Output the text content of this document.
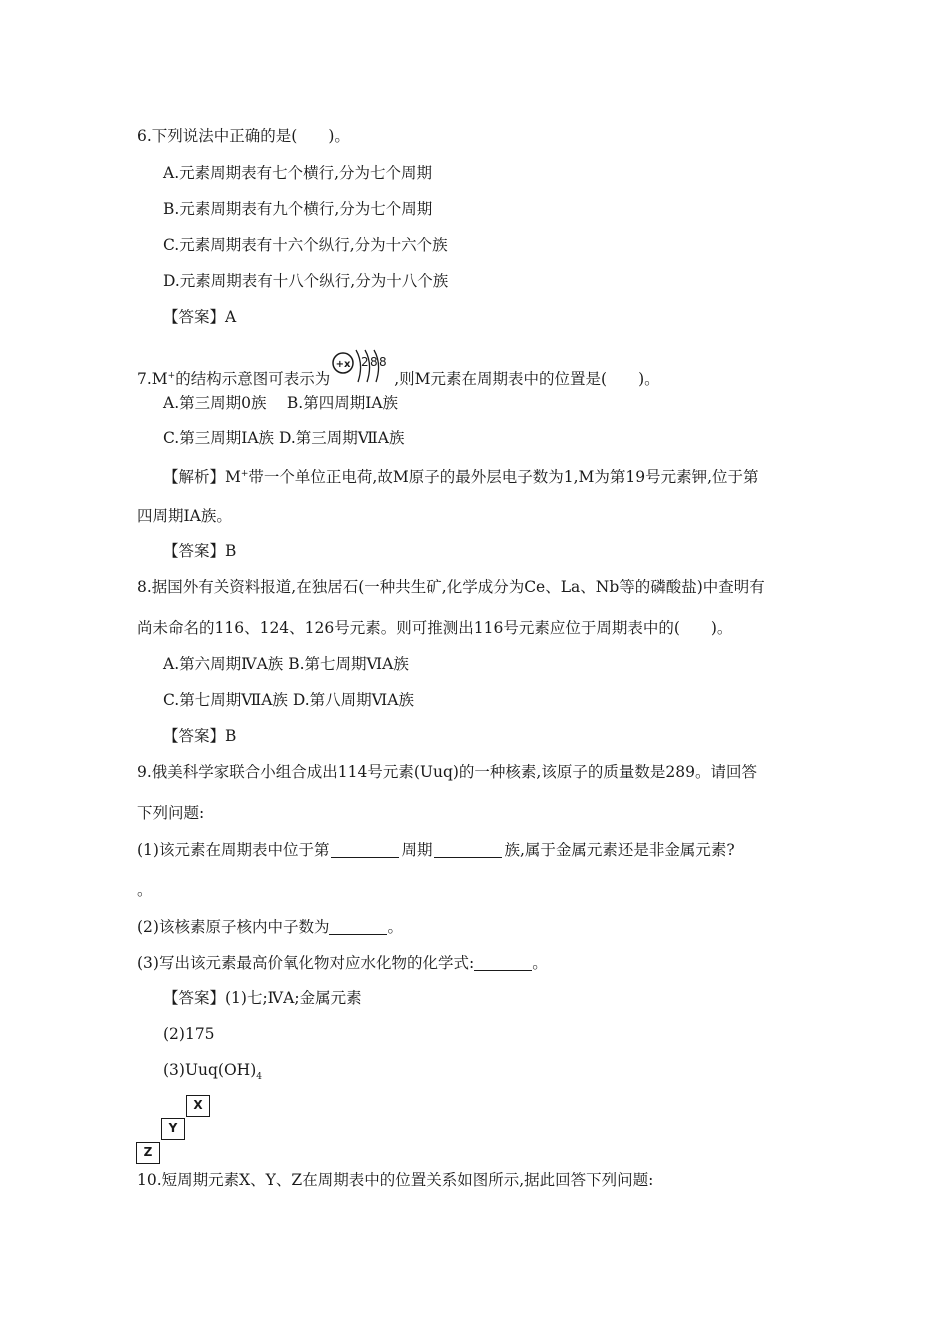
6.下列说法中正确的是(　　)。
A.元素周期表有七个横行,分为七个周期
B.元素周期表有九个横行,分为七个周期
C.元素周期表有十六个纵行,分为十六个族
D.元素周期表有十八个纵行,分为十八个族
【答案】A
7.M+的结构示意图可表示为	,则M元素在周期表中的位置是(　　)。
+x 2 8 8
A.第三周期0族　 B.第四周期ⅠA族
C.第三周期ⅠA族 D.第三周期ⅦA族
【解析】M+带一个单位正电荷,故M原子的最外层电子数为1,M为第19号元素钾,位于第
四周期ⅠA族。
【答案】B
8.据国外有关资料报道,在独居石(一种共生矿,化学成分为Ce、La、Nb等的磷酸盐)中查明有
尚未命名的116、124、126号元素。则可推测出116号元素应位于周期表中的(　　)。
A.第六周期ⅣA族 B.第七周期ⅥA族
C.第七周期ⅦA族 D.第八周期ⅥA族
【答案】B
9.俄美科学家联合小组合成出114号元素(Uuq)的一种核素,该原子的质量数是289。请回答
下列问题:
(1)该元素在周期表中位于第	周期	族,属于金属元素还是非金属元素?
。
(2)该核素原子核内中子数为	。
(3)写出该元素最高价氧化物对应水化物的化学式:	。
【答案】(1)七;ⅣA;金属元素
(2)175
$(3)Uuq(OH)_4$
X
Y
Z
10.短周期元素X、Y、Z在周期表中的位置关系如图所示,据此回答下列问题:
